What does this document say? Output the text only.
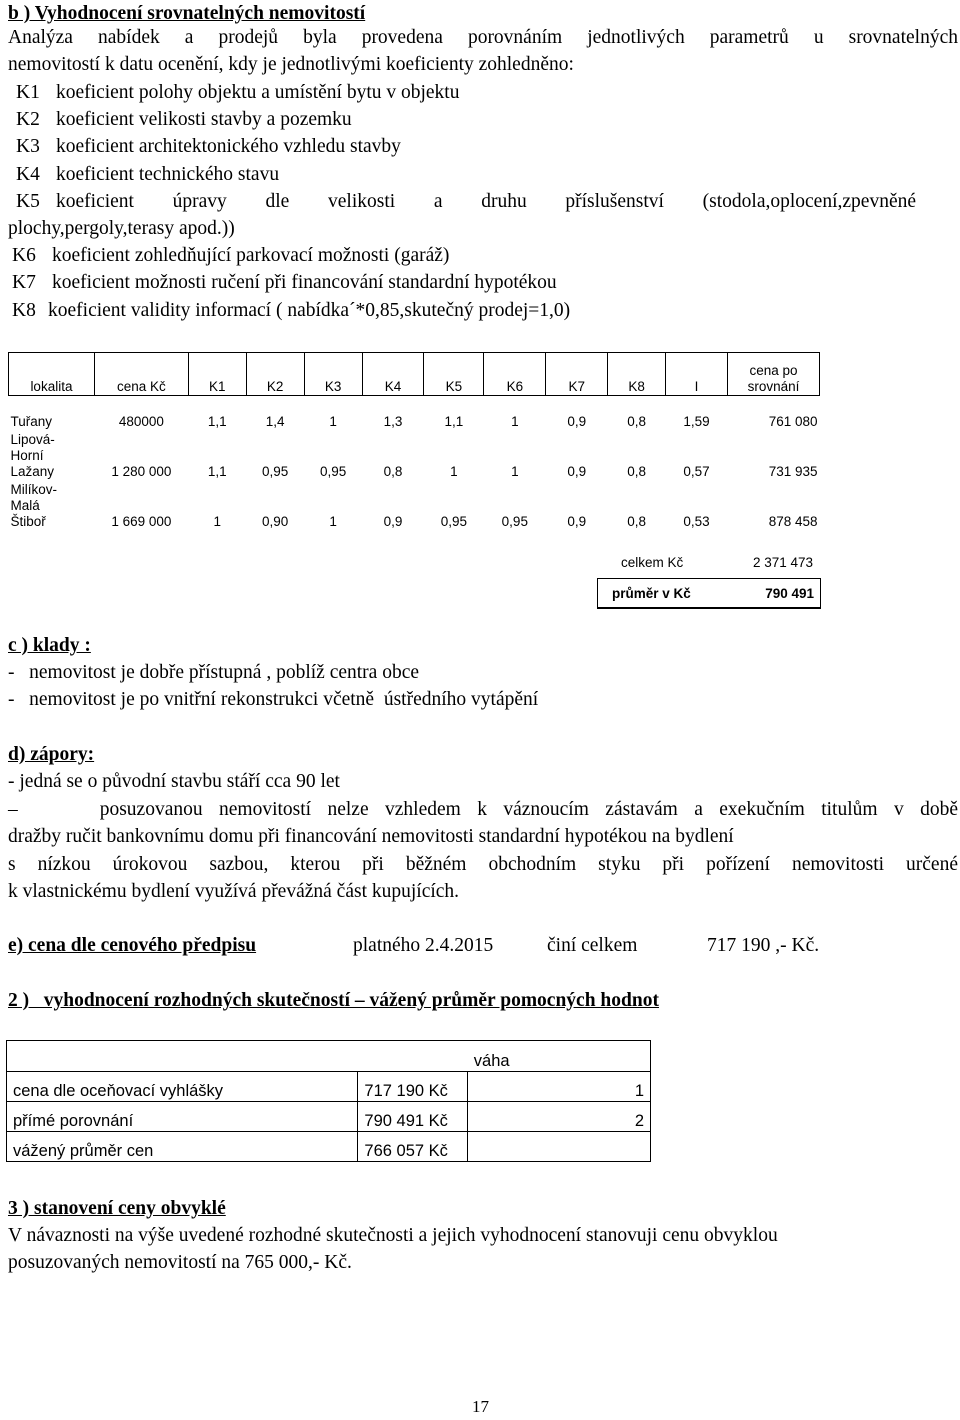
b ) Vyhodnocení srovnatelných nemovitostí
Analýza nabídek a prodejů byla provedena porovnáním jednotlivých parametrů u srovnatelných
nemovitostí k datu ocenění, kdy je jednotlivými koeficienty zohledněno:
K1 koeficient polohy objektu a umístění bytu v objektu
K2 koeficient velikosti stavby a pozemku
K3 koeficient architektonického vzhledu stavby
K4 koeficient technického stavu
K5 koeficient úpravy dle velikosti a druhu příslušenství (stodola,oplocení,zpevněné
plochy,pergoly,terasy apod.))
K6 koeficient zohledňující parkovací možnosti (garáž)
K7 koeficient možnosti ručení při financování standardní hypotékou
K8 koeficient validity informací ( nabídka´*0,85,skutečný prodej=1,0)
lokalita	cena Kč	K1	K2	K3	K4	K5	K6	K7	K8	I	cena po
srovnání

Tuřany	480000	1,1	1,4	1	1,3	1,1	1	0,9	0,8	1,59	761 080
Lipová-
Horní
Lažany	1 280 000	1,1	0,95	0,95	0,8	1	1	0,9	0,8	0,57	731 935
Milíkov-
Malá
Štiboř	1 669 000	1	0,90	1	0,9	0,95	0,95	0,9	0,8	0,53	878 458
celkem Kč	2 371 473
průměr v Kč	790 491
c ) klady :
-   nemovitost je dobře přístupná , poblíž centra obce
-   nemovitost je po vnitřní rekonstrukci včetně  ústředního vytápění
d) zápory:
- jedná se o původní stavbu stáří cca 90 let
–     posuzovanou nemovitostí nelze vzhledem k váznoucím zástavám a exekučním titulům v době
dražby ručit bankovnímu domu při financování nemovitosti standardní hypotékou na bydlení
s nízkou úrokovou sazbou, kterou při běžném obchodním styku při pořízení nemovitosti určené
k vlastnickému bydlení využívá převážná část kupujících.
e) cena dle cenového předpisu	platného 2.4.2015	činí celkem	717 190 ,- Kč.
2 )   vyhodnocení rozhodných skutečností – vážený průměr pomocných hodnot
		váha
cena dle oceňovací vyhlášky	717 190 Kč	1
přímé porovnání	790 491 Kč	2
vážený průměr cen	766 057 Kč	
3 ) stanovení ceny obvyklé
V návaznosti na výše uvedené rozhodné skutečnosti a jejich vyhodnocení stanovuji cenu obvyklou
posuzovaných nemovitostí na 765 000,- Kč.
17
